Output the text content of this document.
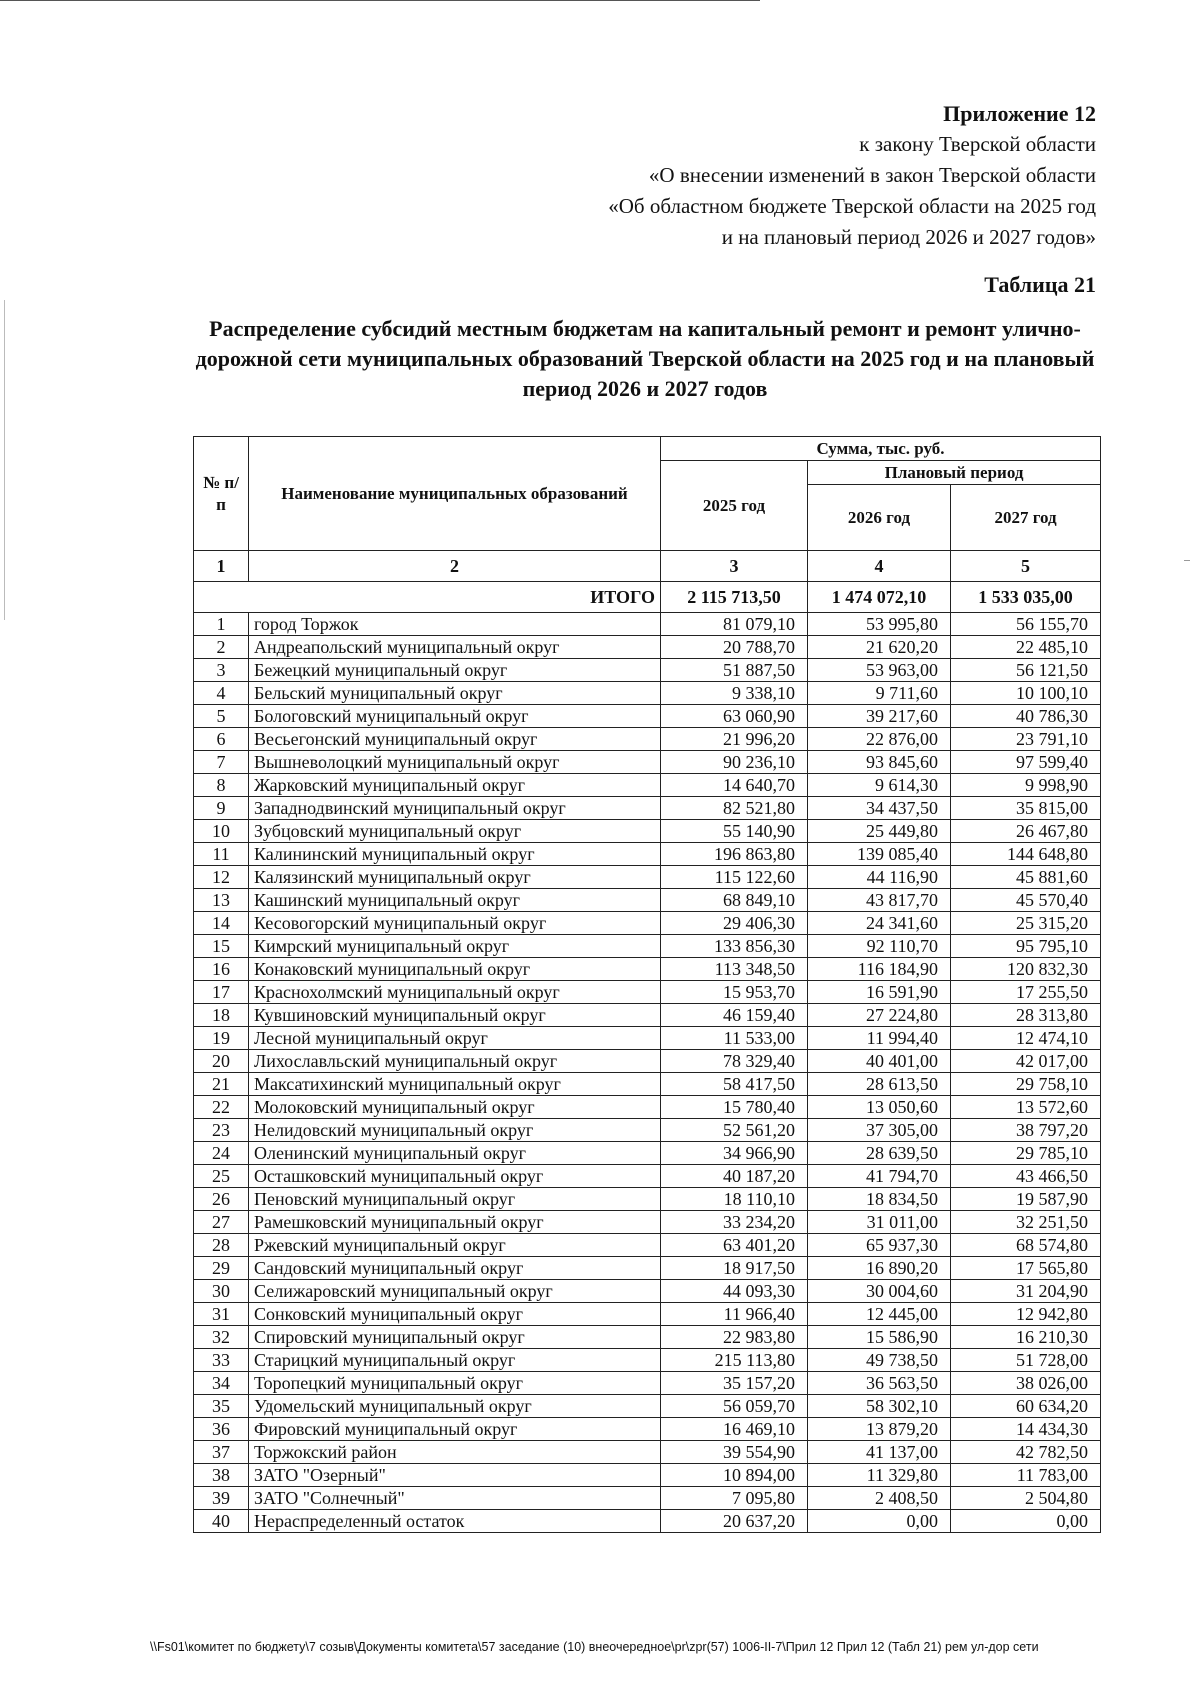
Приложение 12
к закону Тверской области
«О внесении изменений в закон Тверской области
«Об областном бюджете Тверской области на 2025 год
и на плановый период 2026 и 2027 годов»
Таблица 21
Распределение субсидий местным бюджетам на капитальный ремонт и ремонт улично-дорожной сети муниципальных образований Тверской области на 2025 год и на плановый период 2026 и 2027 годов
№ п/п	Наименование муниципальных образований	Сумма, тыс. руб.		
		2025 год	Плановый период	
			2026 год	2027 год
1	2	3	4	5
ИТОГО		2 115 713,50	1 474 072,10	1 533 035,00
1	город Торжок	81 079,10	53 995,80	56 155,70
2	Андреапольский муниципальный округ	20 788,70	21 620,20	22 485,10
3	Бежецкий муниципальный округ	51 887,50	53 963,00	56 121,50
4	Бельский муниципальный округ	9 338,10	9 711,60	10 100,10
5	Бологовский муниципальный округ	63 060,90	39 217,60	40 786,30
6	Весьегонский муниципальный округ	21 996,20	22 876,00	23 791,10
7	Вышневолоцкий муниципальный округ	90 236,10	93 845,60	97 599,40
8	Жарковский муниципальный округ	14 640,70	9 614,30	9 998,90
9	Западнодвинский муниципальный округ	82 521,80	34 437,50	35 815,00
10	Зубцовский муниципальный округ	55 140,90	25 449,80	26 467,80
11	Калининский муниципальный округ	196 863,80	139 085,40	144 648,80
12	Калязинский муниципальный округ	115 122,60	44 116,90	45 881,60
13	Кашинский муниципальный округ	68 849,10	43 817,70	45 570,40
14	Кесовогорский муниципальный округ	29 406,30	24 341,60	25 315,20
15	Кимрский муниципальный округ	133 856,30	92 110,70	95 795,10
16	Конаковский муниципальный округ	113 348,50	116 184,90	120 832,30
17	Краснохолмский муниципальный округ	15 953,70	16 591,90	17 255,50
18	Кувшиновский муниципальный округ	46 159,40	27 224,80	28 313,80
19	Лесной муниципальный округ	11 533,00	11 994,40	12 474,10
20	Лихославльский муниципальный округ	78 329,40	40 401,00	42 017,00
21	Максатихинский муниципальный округ	58 417,50	28 613,50	29 758,10
22	Молоковский муниципальный округ	15 780,40	13 050,60	13 572,60
23	Нелидовский муниципальный округ	52 561,20	37 305,00	38 797,20
24	Оленинский муниципальный округ	34 966,90	28 639,50	29 785,10
25	Осташковский муниципальный округ	40 187,20	41 794,70	43 466,50
26	Пеновский муниципальный округ	18 110,10	18 834,50	19 587,90
27	Рамешковский муниципальный округ	33 234,20	31 011,00	32 251,50
28	Ржевский муниципальный округ	63 401,20	65 937,30	68 574,80
29	Сандовский муниципальный округ	18 917,50	16 890,20	17 565,80
30	Селижаровский муниципальный округ	44 093,30	30 004,60	31 204,90
31	Сонковский муниципальный округ	11 966,40	12 445,00	12 942,80
32	Спировский муниципальный округ	22 983,80	15 586,90	16 210,30
33	Старицкий муниципальный округ	215 113,80	49 738,50	51 728,00
34	Торопецкий муниципальный округ	35 157,20	36 563,50	38 026,00
35	Удомельский муниципальный округ	56 059,70	58 302,10	60 634,20
36	Фировский муниципальный округ	16 469,10	13 879,20	14 434,30
37	Торжокский район	39 554,90	41 137,00	42 782,50
38	ЗАТО "Озерный"	10 894,00	11 329,80	11 783,00
39	ЗАТО "Солнечный"	7 095,80	2 408,50	2 504,80
40	Нераспределенный остаток	20 637,20	0,00	0,00
\\Fs01\комитет по бюджету\7 созыв\Документы комитета\57 заседание (10) внеочередное\pr\zpr(57) 1006-II-7\Прил 12 Прил 12 (Табл 21) рем ул-дор сети
